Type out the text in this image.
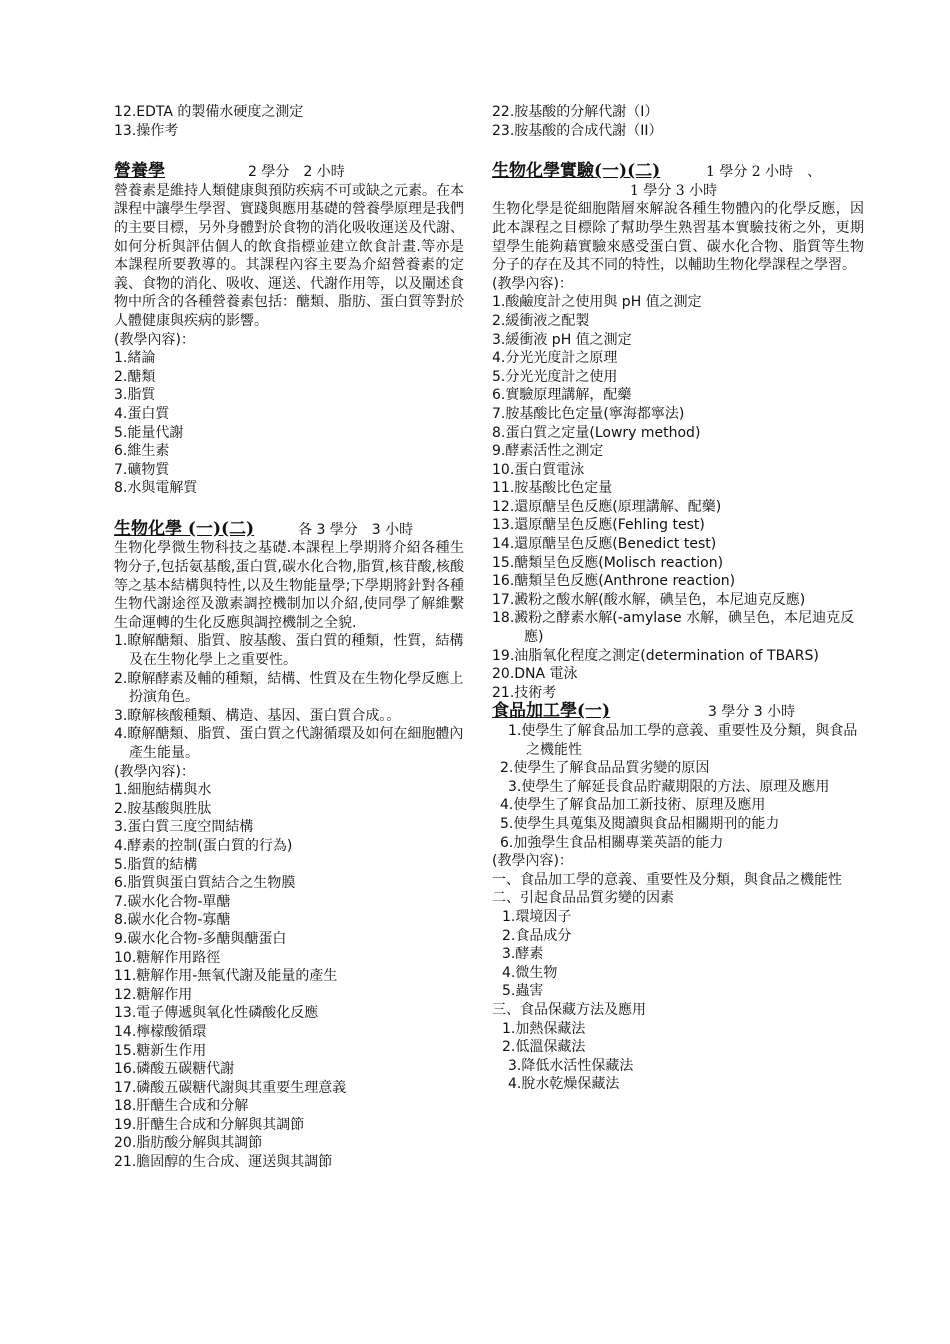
12.EDTA 的製備水硬度之測定
13.操作考
營養學	2 學分　2 小時
營養素是維持人類健康與預防疾病不可或缺之元素。在本課程中讓學生學習、實踐與應用基礎的營養學原理是我們的主要目標，另外身體對於食物的消化吸收運送及代謝、如何分析與評估個人的飲食指標並建立飲食計畫.等亦是本課程所要教導的。其課程內容主要為介紹營養素的定義、食物的消化、吸收、運送、代謝作用等，以及闡述食物中所含的各種營養素包括：醣類、脂肪、蛋白質等對於人體健康與疾病的影響。
(教學內容)：
1.緒論
2.醣類
3.脂質
4.蛋白質
5.能量代謝
6.維生素
7.礦物質
8.水與電解質
生物化學 (一)(二)	各 3 學分　3 小時
生物化學微生物科技之基礎.本課程上學期將介紹各種生物分子,包括氨基酸,蛋白質,碳水化合物,脂質,核苷酸,核酸等之基本結構與特性,以及生物能量學;下學期將針對各種生物代謝途徑及激素調控機制加以介紹,使同學了解維繫生命運轉的生化反應與調控機制之全貌.
1.瞭解醣類、脂質、胺基酸、蛋白質的種類，性質，結構及在生物化學上之重要性。
2.瞭解酵素及輔的種類，結構、性質及在生物化學反應上扮演角色。
3.瞭解核酸種類、構造、基因、蛋白質合成。。
4.瞭解醣類、脂質、蛋白質之代謝循環及如何在細胞體內產生能量。
(教學內容)：
1.細胞結構與水
2.胺基酸與胜肽
3.蛋白質三度空間結構
4.酵素的控制(蛋白質的行為)
5.脂質的結構
6.脂質與蛋白質結合之生物膜
7.碳水化合物-單醣
8.碳水化合物-寡醣
9.碳水化合物-多醣與醣蛋白
10.糖解作用路徑
11.糖解作用-無氧代謝及能量的產生
12.糖解作用
13.電子傳遞與氧化性磷酸化反應
14.檸檬酸循環
15.糖新生作用
16.磷酸五碳糖代謝
17.磷酸五碳糖代謝與其重要生理意義
18.肝醣生合成和分解
19.肝醣生合成和分解與其調節
20.脂肪酸分解與其調節
21.膽固醇的生合成、運送與其調節
22.胺基酸的分解代謝（I）
23.胺基酸的合成代謝（II）
生物化學實驗(一)(二)	1 學分 2 小時　、
1 學分 3 小時
生物化學是從細胞階層來解說各種生物體內的化學反應，因此本課程之目標除了幫助學生熟習基本實驗技術之外，更期望學生能夠藉實驗來感受蛋白質、碳水化合物、脂質等生物分子的存在及其不同的特性，以輔助生物化學課程之學習。
(教學內容)：
1.酸鹼度計之使用與 pH 值之測定
2.緩衝液之配製
3.緩衝液 pH 值之測定
4.分光光度計之原理
5.分光光度計之使用
6.實驗原理講解，配藥
7.胺基酸比色定量(寧海都寧法)
8.蛋白質之定量(Lowry method)
9.酵素活性之測定
10.蛋白質電泳
11.胺基酸比色定量
12.還原醣呈色反應(原理講解、配藥)
13.還原醣呈色反應(Fehling test)
14.還原醣呈色反應(Benedict test)
15.醣類呈色反應(Molisch reaction)
16.醣類呈色反應(Anthrone reaction)
17.澱粉之酸水解(酸水解，碘呈色，本尼迪克反應)
18.澱粉之酵素水解(-amylase 水解，碘呈色，本尼迪克反應)
19.油脂氧化程度之測定(determination of TBARS)
20.DNA 電泳
21.技術考
食品加工學(一)	3 學分 3 小時
1.使學生了解食品加工學的意義、重要性及分類，與食品之機能性
2.使學生了解食品品質劣變的原因
3.使學生了解延長食品貯藏期限的方法、原理及應用
4.使學生了解食品加工新技術、原理及應用
5.使學生具蒐集及閱讀與食品相關期刊的能力
6.加強學生食品相關專業英語的能力
(教學內容)：
一、食品加工學的意義、重要性及分類，與食品之機能性
二、引起食品品質劣變的因素
1.環境因子
2.食品成分
3.酵素
4.微生物
5.蟲害
三、食品保藏方法及應用
1.加熱保藏法
2.低溫保藏法
3.降低水活性保藏法
4.脫水乾燥保藏法
